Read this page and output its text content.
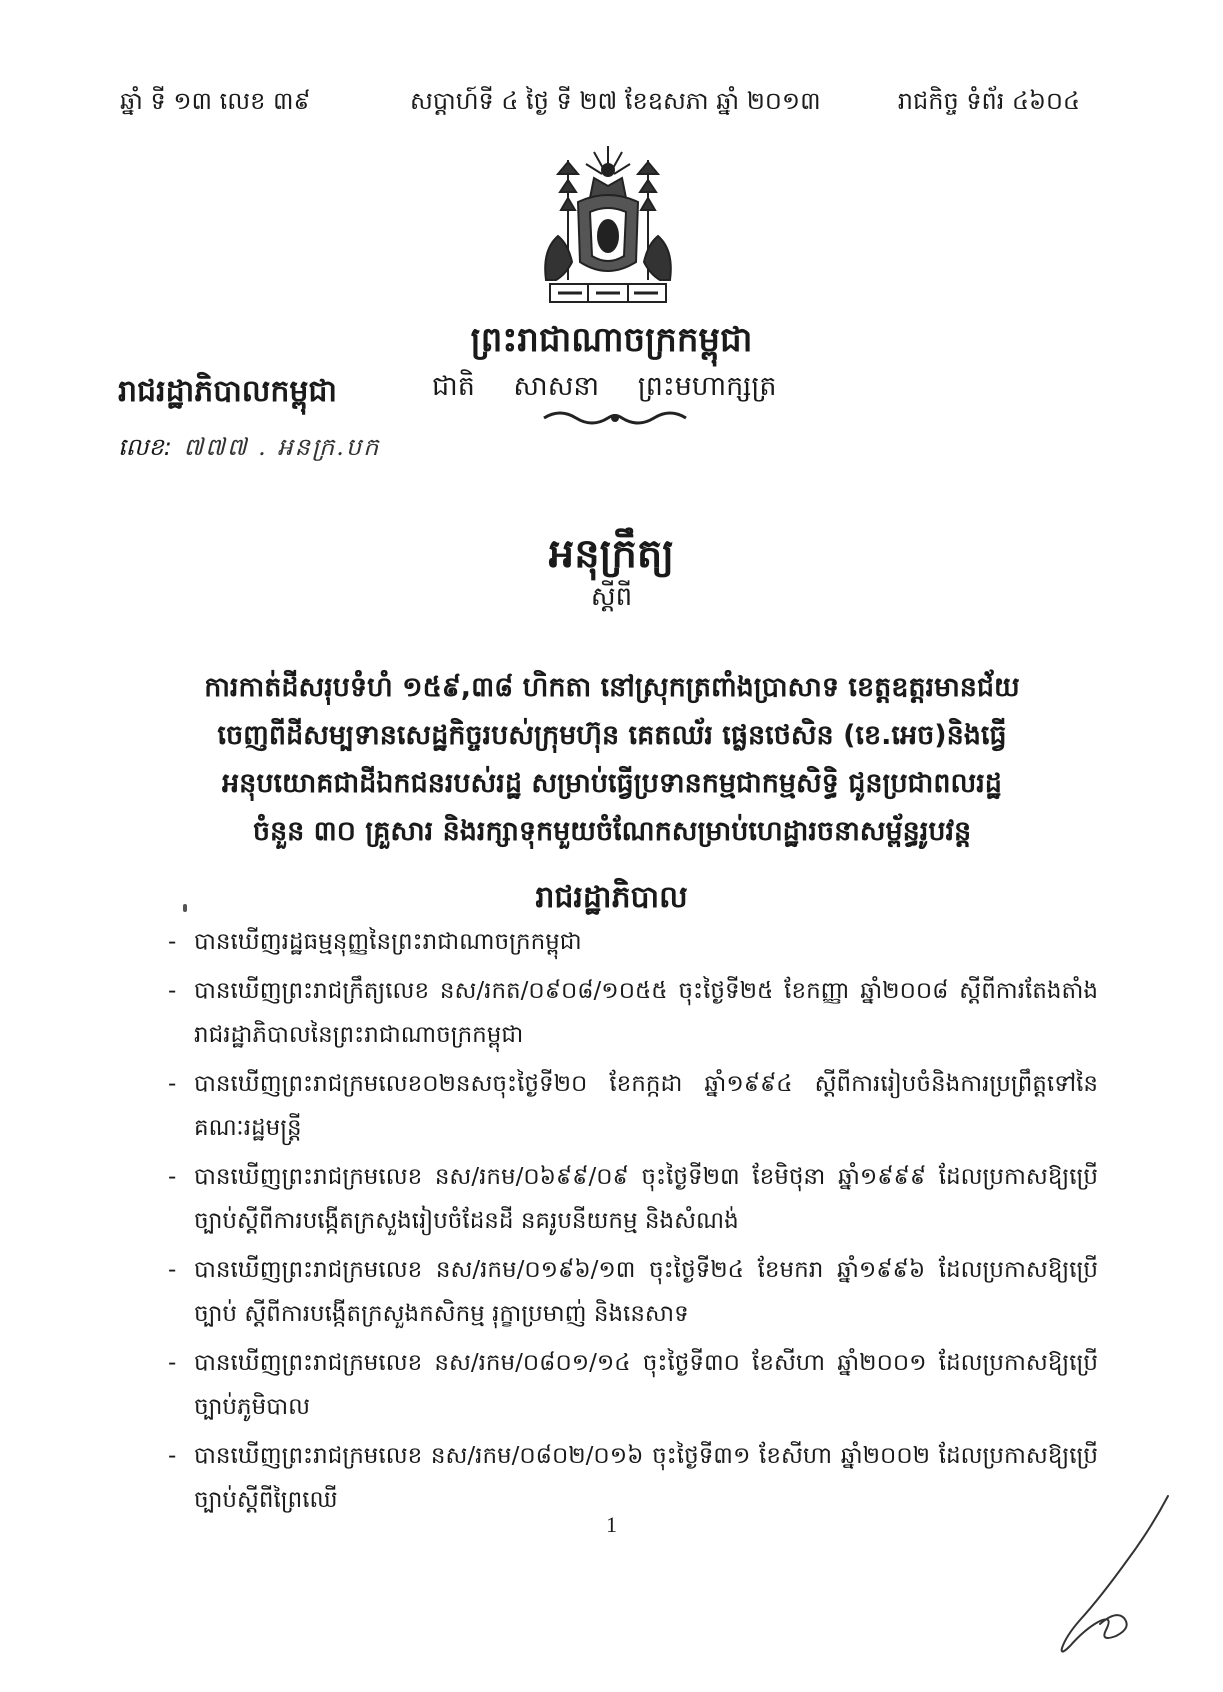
ឆ្នាំ ទី ១៣ លេខ ៣៩	សប្តាហ៍ទី ៤ ថ្ងៃ ទី ២៧ ខែឧសភា ឆ្នាំ ២០១៣	រាជកិច្ច ទំព័រ ៤៦០៤
ព្រះរាជាណាចក្រកម្ពុជា
ជាតិ សាសនា ព្រះមហាក្សត្រ
រាជរដ្ឋាភិបាលកម្ពុជា
លេខ: ៧៧៧ . អនក្រ.បក
អនុក្រឹត្យ
ស្តីពី
ការកាត់ដីសរុបទំហំ ១៥៩,៣៨ ហិកតា នៅស្រុកត្រពាំងប្រាសាទ ខេត្តឧត្តរមានជ័យ
ចេញពីដីសម្បទានសេដ្ឋកិច្ចរបស់ក្រុមហ៊ុន គេតឈ័រ ផ្លេនថេសិន (ខេ.អេច)និងធ្វើ
អនុបយោគជាដីឯកជនរបស់រដ្ឋ សម្រាប់ធ្វើប្រទានកម្មជាកម្មសិទ្ធិ ជូនប្រជាពលរដ្ឋ
ចំនួន ៣០ គ្រួសារ និងរក្សាទុកមួយចំណែកសម្រាប់ហេដ្ឋារចនាសម្ព័ន្ធរូបវន្ត
រាជរដ្ឋាភិបាល
- បានឃើញរដ្ឋធម្មនុញ្ញនៃព្រះរាជាណាចក្រកម្ពុជា
- បានឃើញព្រះរាជក្រឹត្យលេខ នស/រកត/០៩០៨/១០៥៥ ចុះថ្ងៃទី២៥ ខែកញ្ញា ឆ្នាំ២០០៨ ស្តីពីការតែងតាំងរាជរដ្ឋាភិបាលនៃព្រះរាជាណាចក្រកម្ពុជា
- បានឃើញព្រះរាជក្រមលេខ០២នសចុះថ្ងៃទី២០ ខែកក្កដា ឆ្នាំ១៩៩៤ ស្តីពីការរៀបចំនិងការប្រព្រឹត្តទៅនៃគណៈរដ្ឋមន្ត្រី
- បានឃើញព្រះរាជក្រមលេខ នស/រកម/០៦៩៩/០៩ ចុះថ្ងៃទី២៣ ខែមិថុនា ឆ្នាំ១៩៩៩ ដែលប្រកាសឱ្យប្រើច្បាប់ស្តីពីការបង្កើតក្រសួងរៀបចំដែនដី នគរូបនីយកម្ម និងសំណង់
- បានឃើញព្រះរាជក្រមលេខ នស/រកម/០១៩៦/១៣ ចុះថ្ងៃទី២៤ ខែមករា ឆ្នាំ១៩៩៦ ដែលប្រកាសឱ្យប្រើច្បាប់ ស្តីពីការបង្កើតក្រសួងកសិកម្ម រុក្ខាប្រមាញ់ និងនេសាទ
- បានឃើញព្រះរាជក្រមលេខ នស/រកម/០៨០១/១៤ ចុះថ្ងៃទី៣០ ខែសីហា ឆ្នាំ២០០១ ដែលប្រកាសឱ្យប្រើច្បាប់ភូមិបាល
- បានឃើញព្រះរាជក្រមលេខ នស/រកម/០៨០២/០១៦ ចុះថ្ងៃទី៣១ ខែសីហា ឆ្នាំ២០០២ ដែលប្រកាសឱ្យប្រើច្បាប់ស្តីពីព្រៃឈើ
1
